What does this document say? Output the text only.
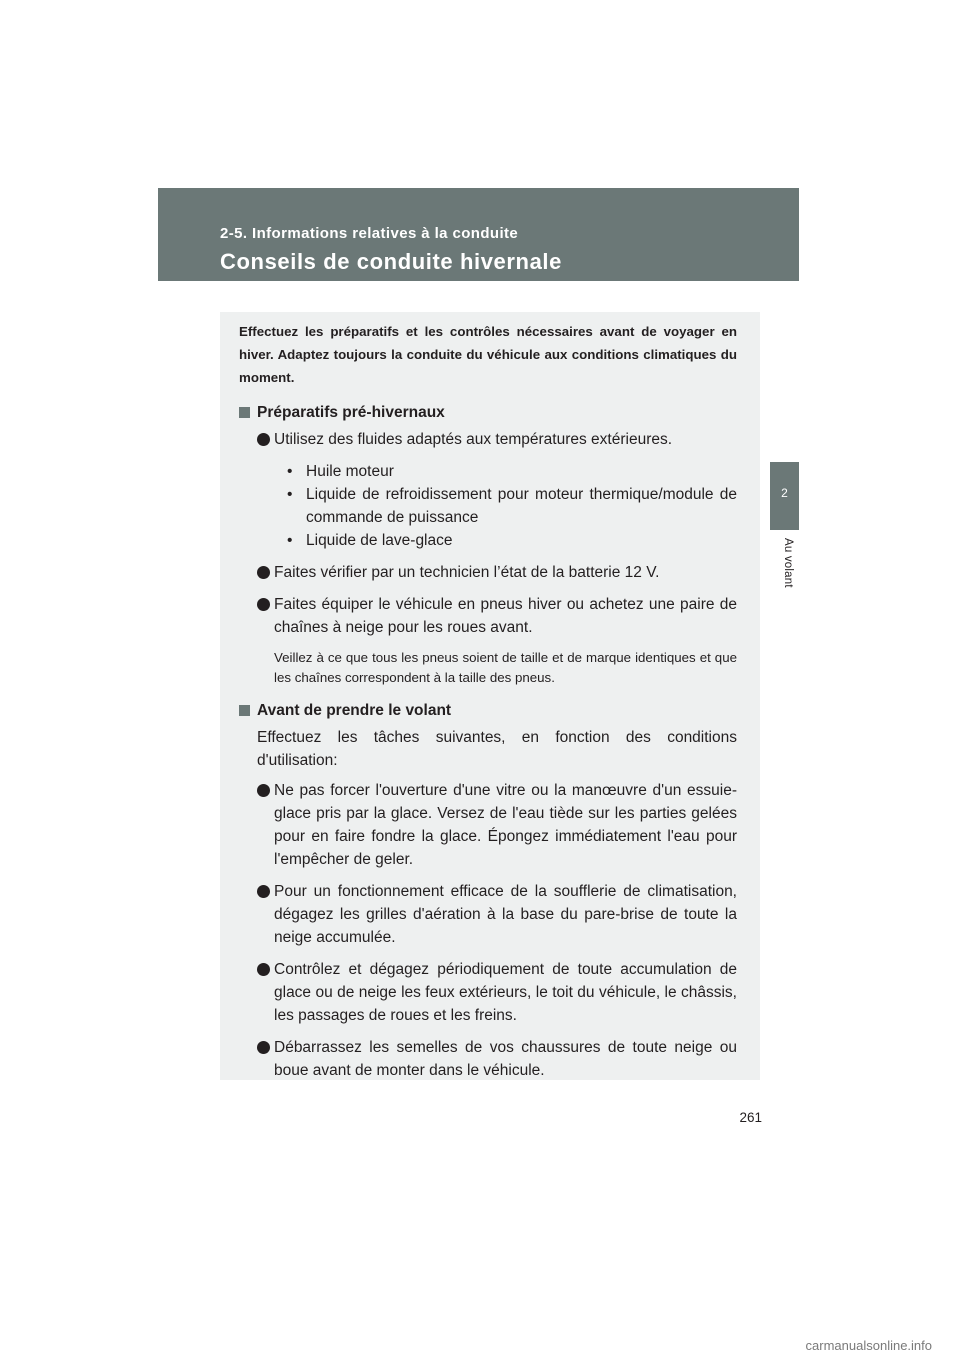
2-5. Informations relatives à la conduite
Conseils de conduite hivernale
2
Au volant

Effectuez les préparatifs et les contrôles nécessaires avant de voyager en hiver. Adaptez toujours la conduite du véhicule aux conditions climatiques du moment.

Préparatifs pré-hivernaux
Utilisez des fluides adaptés aux températures extérieures.
• Huile moteur
• Liquide de refroidissement pour moteur thermique/module de commande de puissance
• Liquide de lave-glace
Faites vérifier par un technicien l’état de la batterie 12 V.
Faites équiper le véhicule en pneus hiver ou achetez une paire de chaînes à neige pour les roues avant.

Veillez à ce que tous les pneus soient de taille et de marque identiques et que les chaînes correspondent à la taille des pneus.

Avant de prendre le volant

Effectuez les tâches suivantes, en fonction des conditions d'utilisation:

Ne pas forcer l'ouverture d'une vitre ou la manœuvre d'un essuie-glace pris par la glace. Versez de l'eau tiède sur les parties gelées pour en faire fondre la glace. Épongez immédiatement l'eau pour l'empêcher de geler.
Pour un fonctionnement efficace de la soufflerie de climatisation, dégagez les grilles d'aération à la base du pare-brise de toute la neige accumulée.
Contrôlez et dégagez périodiquement de toute accumulation de glace ou de neige les feux extérieurs, le toit du véhicule, le châssis, les passages de roues et les freins.
Débarrassez les semelles de vos chaussures de toute neige ou boue avant de monter dans le véhicule.
261
carmanualsonline.info
